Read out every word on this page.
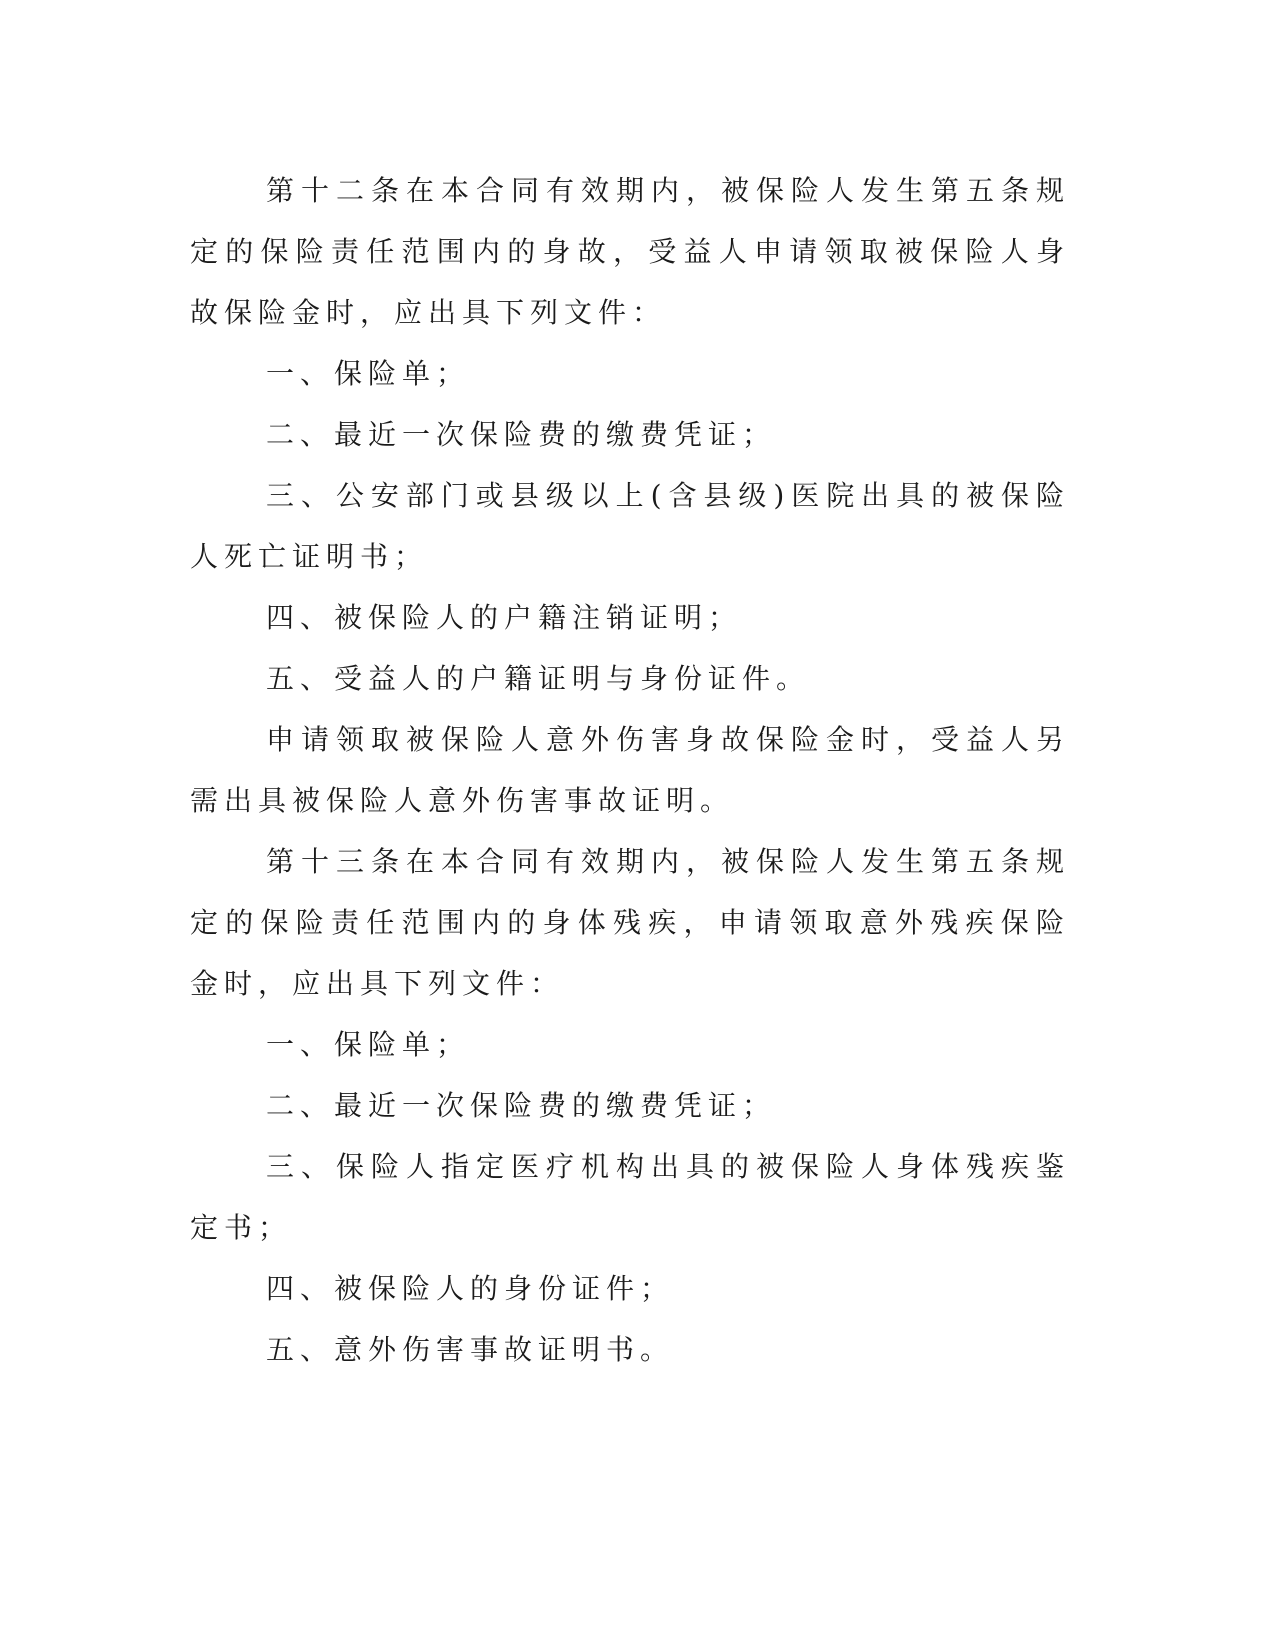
第十二条在本合同有效期内，被保险人发生第五条规定的保险责任范围内的身故，受益人申请领取被保险人身故保险金时，应出具下列文件：

一、保险单；

二、最近一次保险费的缴费凭证；

三、公安部门或县级以上(含县级)医院出具的被保险人死亡证明书；

四、被保险人的户籍注销证明；

五、受益人的户籍证明与身份证件。

申请领取被保险人意外伤害身故保险金时，受益人另需出具被保险人意外伤害事故证明。

第十三条在本合同有效期内，被保险人发生第五条规定的保险责任范围内的身体残疾，申请领取意外残疾保险金时，应出具下列文件：

一、保险单；

二、最近一次保险费的缴费凭证；

三、保险人指定医疗机构出具的被保险人身体残疾鉴定书；

四、被保险人的身份证件；

五、意外伤害事故证明书。
